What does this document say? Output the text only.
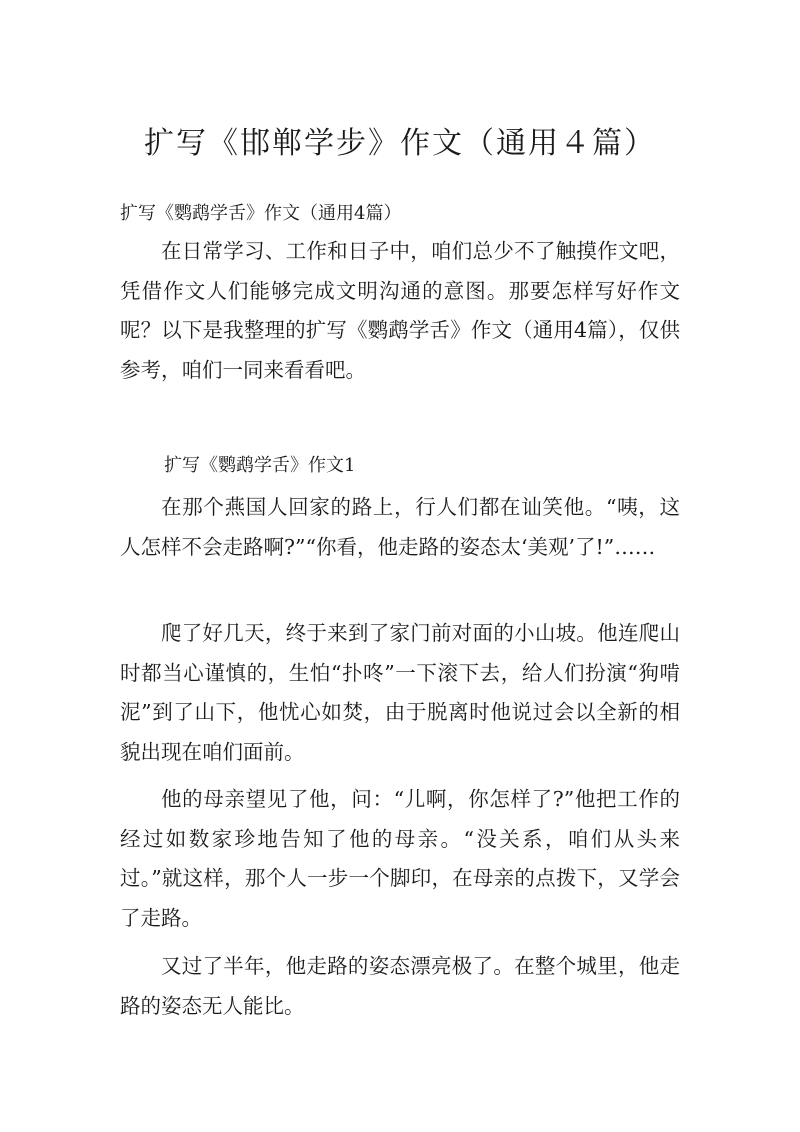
扩写《邯郸学步》作文（通用４篇）

扩写《鹦鹉学舌》作文（通用4篇）

在日常学习、工作和日子中，咱们总少不了触摸作文吧，凭借作文人们能够完成文明沟通的意图。那要怎样写好作文呢？以下是我整理的扩写《鹦鹉学舌》作文（通用4篇），仅供参考，咱们一同来看看吧。

扩写《鹦鹉学舌》作文1

在那个燕国人回家的路上，行人们都在讪笑他。“咦，这人怎样不会走路啊?”“你看，他走路的姿态太‘美观’了!”……

爬了好几天，终于来到了家门前对面的小山坡。他连爬山时都当心谨慎的，生怕“扑咚”一下滚下去，给人们扮演“狗啃泥”到了山下，他忧心如焚，由于脱离时他说过会以全新的相貌出现在咱们面前。

他的母亲望见了他，问：“儿啊，你怎样了?”他把工作的经过如数家珍地告知了他的母亲。“没关系，咱们从头来过。”就这样，那个人一步一个脚印，在母亲的点拨下，又学会了走路。

又过了半年，他走路的姿态漂亮极了。在整个城里，他走路的姿态无人能比。
